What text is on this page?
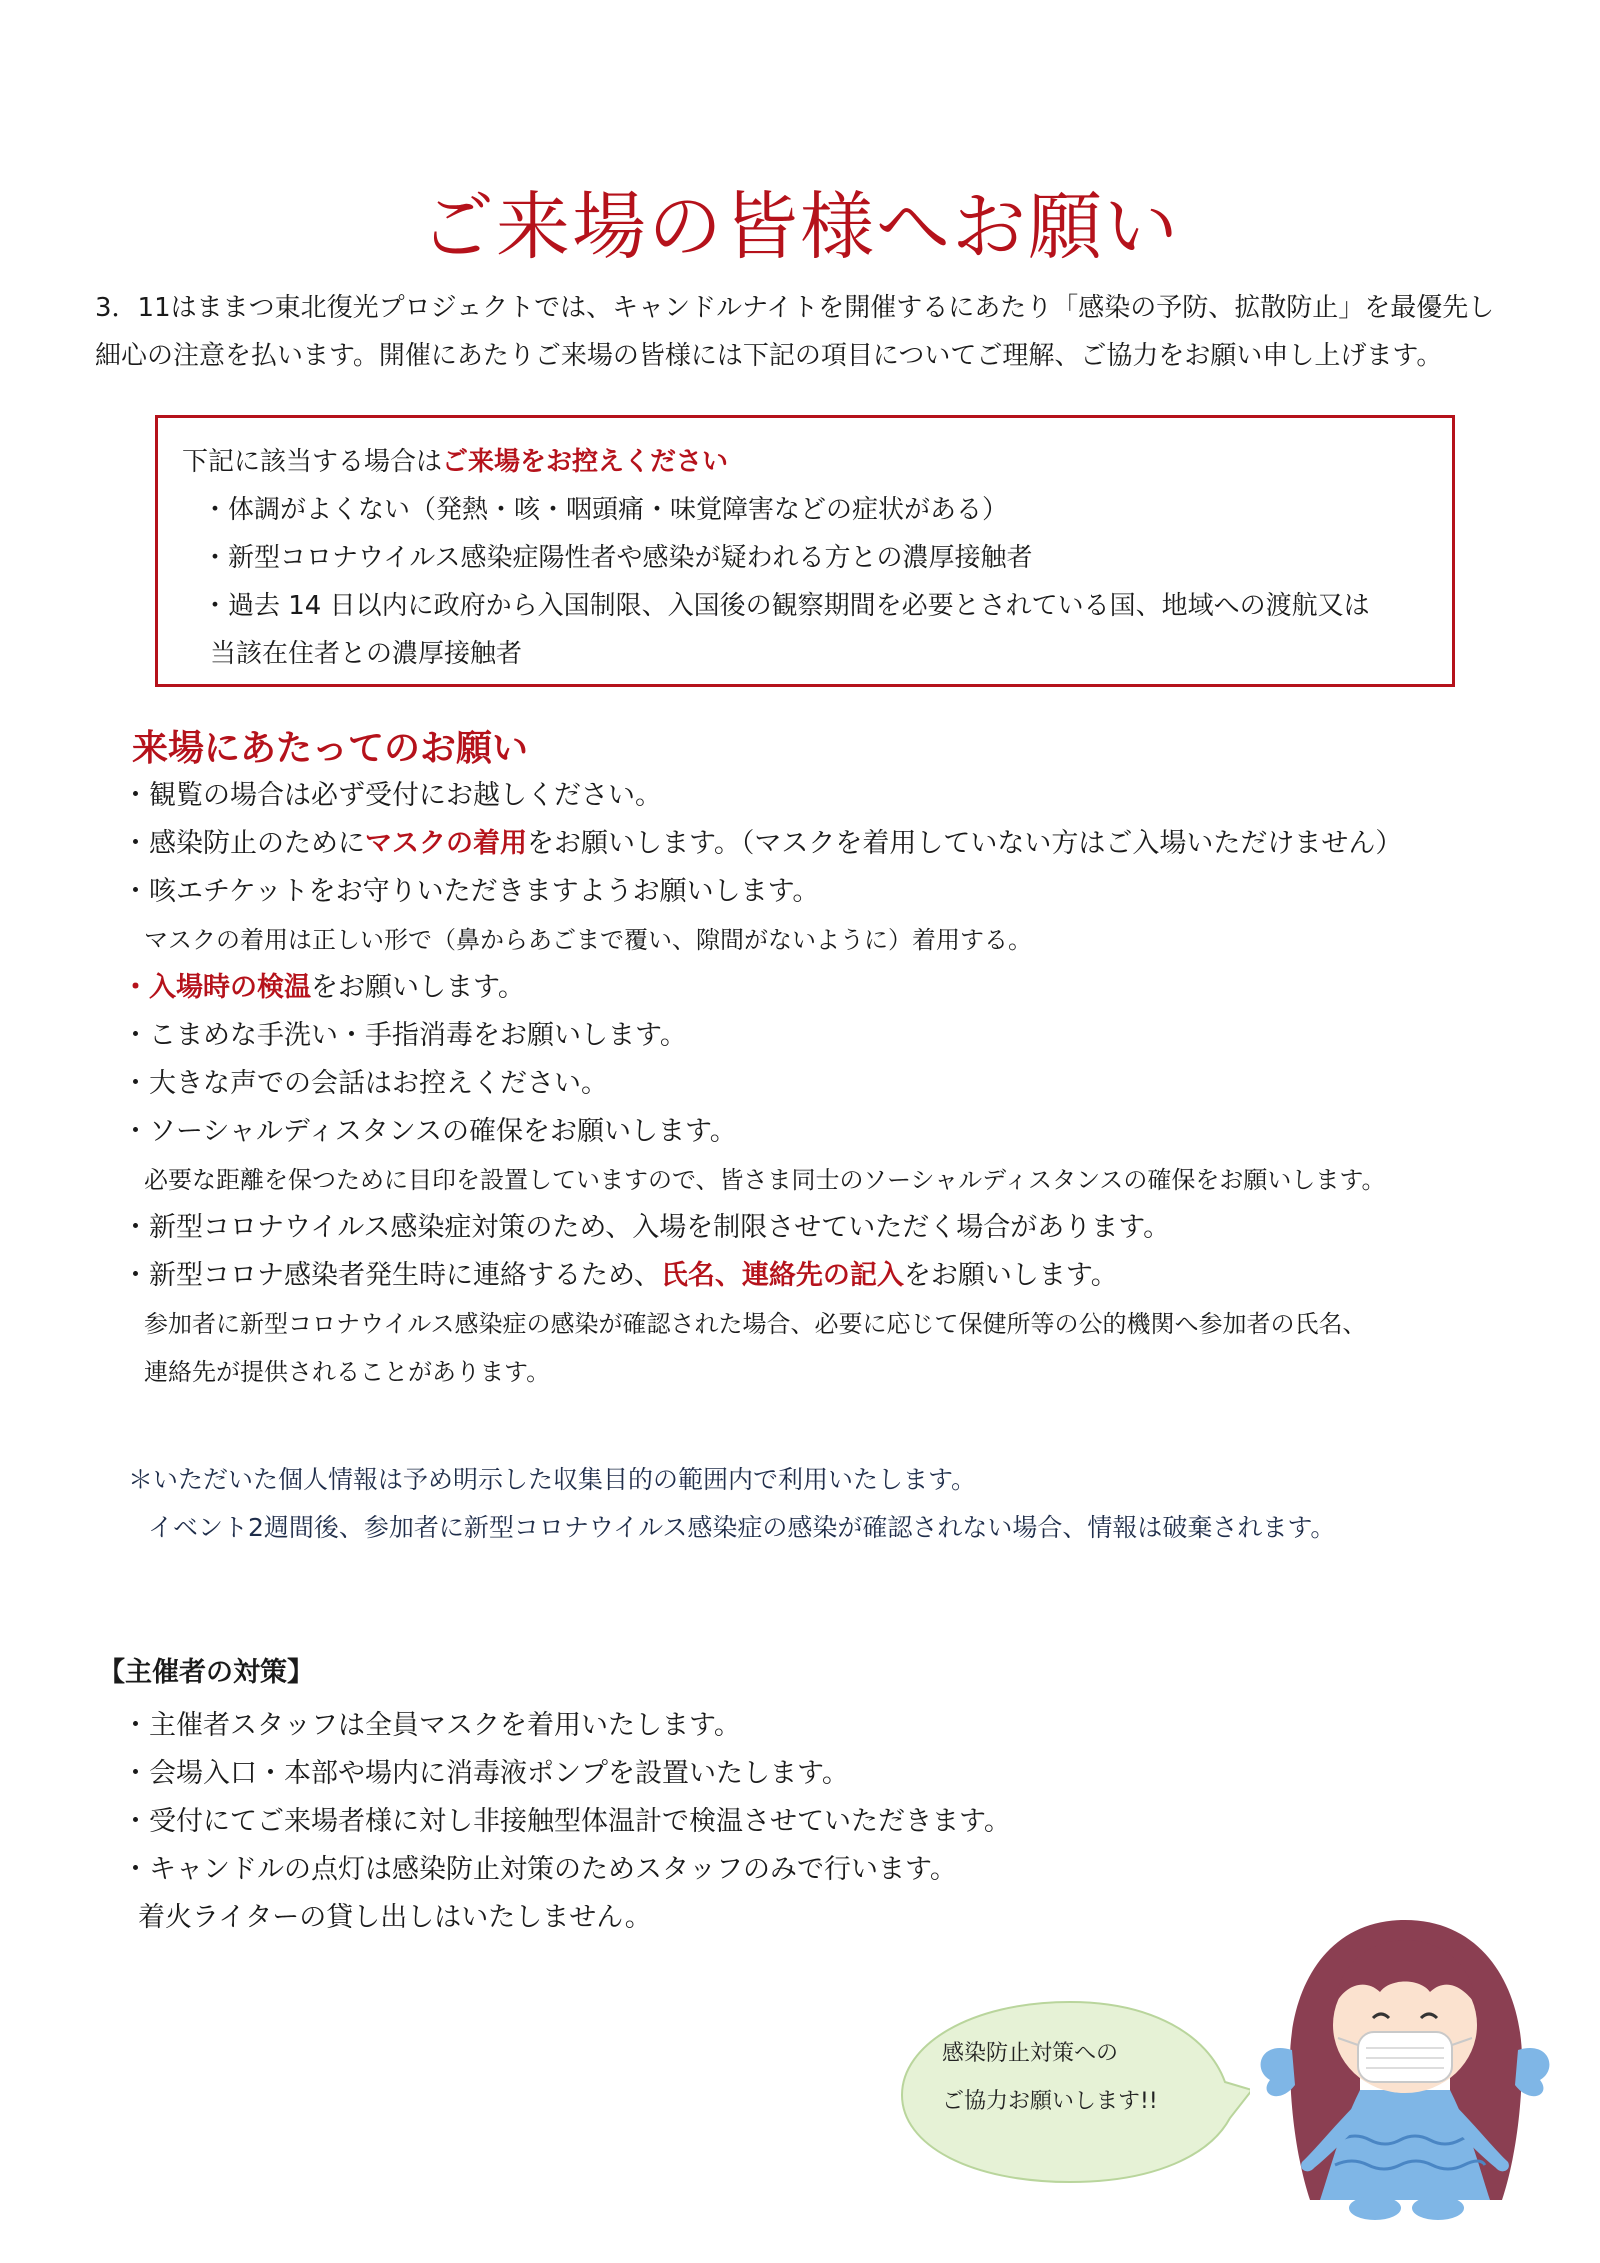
ご来場の皆様へお願い

3．11はままつ東北復光プロジェクトでは、キャンドルナイトを開催するにあたり「感染の予防、拡散防止」を最優先し

細心の注意を払います。開催にあたりご来場の皆様には下記の項目についてご理解、ご協力をお願い申し上げます。

下記に該当する場合はご来場をお控えください

・体調がよくない（発熱・咳・咽頭痛・味覚障害などの症状がある）

・新型コロナウイルス感染症陽性者や感染が疑われる方との濃厚接触者

・過去 14 日以内に政府から入国制限、入国後の観察期間を必要とされている国、地域への渡航又は

当該在住者との濃厚接触者

来場にあたってのお願い

・観覧の場合は必ず受付にお越しください。

・感染防止のためにマスクの着用をお願いします。（マスクを着用していない方はご入場いただけません）

・咳エチケットをお守りいただきますようお願いします。

マスクの着用は正しい形で（鼻からあごまで覆い、隙間がないように）着用する。

・入場時の検温をお願いします。

・こまめな手洗い・手指消毒をお願いします。

・大きな声での会話はお控えください。

・ソーシャルディスタンスの確保をお願いします。

必要な距離を保つために目印を設置していますので、皆さま同士のソーシャルディスタンスの確保をお願いします。

・新型コロナウイルス感染症対策のため、入場を制限させていただく場合があります。

・新型コロナ感染者発生時に連絡するため、氏名、連絡先の記入をお願いします。

参加者に新型コロナウイルス感染症の感染が確認された場合、必要に応じて保健所等の公的機関へ参加者の氏名、

連絡先が提供されることがあります。

＊いただいた個人情報は予め明示した収集目的の範囲内で利用いたします。

イベント2週間後、参加者に新型コロナウイルス感染症の感染が確認されない場合、情報は破棄されます。

【主催者の対策】

・主催者スタッフは全員マスクを着用いたします。

・会場入口・本部や場内に消毒液ポンプを設置いたします。

・受付にてご来場者様に対し非接触型体温計で検温させていただきます。

・キャンドルの点灯は感染防止対策のためスタッフのみで行います。

着火ライターの貸し出しはいたしません。

感染防止対策への

ご協力お願いします!!
